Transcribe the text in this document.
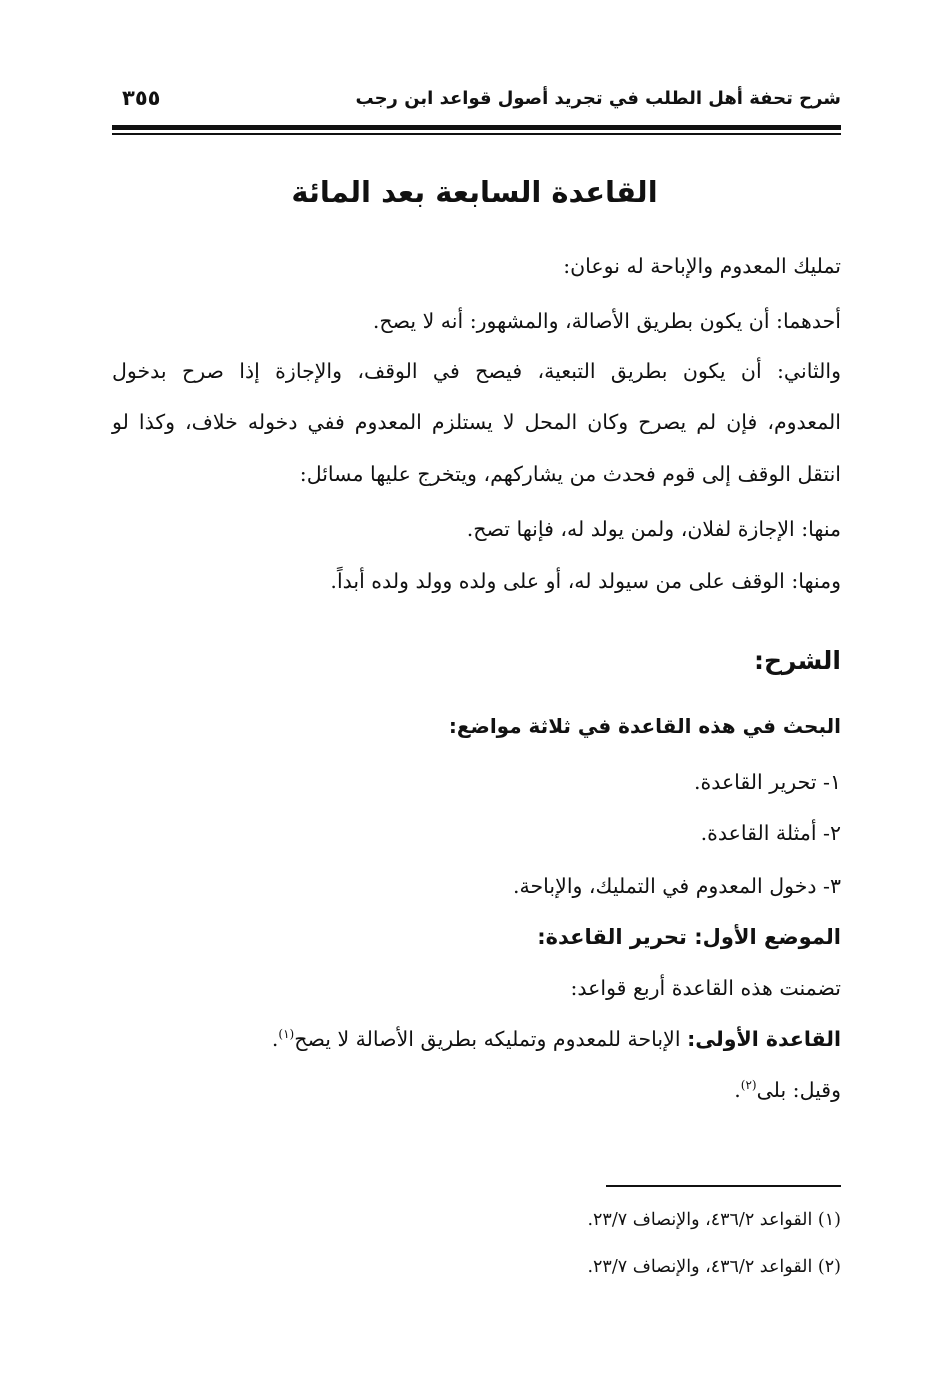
شرح تحفة أهل الطلب في تجريد أصول قواعد ابن رجب
٣٥٥
القاعدة السابعة بعد المائة
تمليك المعدوم والإباحة له نوعان:
أحدهما: أن يكون بطريق الأصالة، والمشهور: أنه لا يصح.
والثاني: أن يكون بطريق التبعية، فيصح في الوقف، والإجازة إذا صرح بدخول
المعدوم، فإن لم يصرح وكان المحل لا يستلزم المعدوم ففي دخوله خلاف، وكذا لو
انتقل الوقف إلى قوم فحدث من يشاركهم، ويتخرج عليها مسائل:
منها: الإجازة لفلان، ولمن يولد له، فإنها تصح.
ومنها: الوقف على من سيولد له، أو على ولده وولد ولده أبداً.
الشرح:
البحث في هذه القاعدة في ثلاثة مواضع:
١- تحرير القاعدة.
٢- أمثلة القاعدة.
٣- دخول المعدوم في التمليك، والإباحة.
الموضع الأول: تحرير القاعدة:
تضمنت هذه القاعدة أربع قواعد:
القاعدة الأولى: الإباحة للمعدوم وتمليكه بطريق الأصالة لا يصح$^{(١)}$.
وقيل: بلى$^{(٢)}$.
(١) القواعد ٤٣٦/٢، والإنصاف ٢٣/٧.
(٢) القواعد ٤٣٦/٢، والإنصاف ٢٣/٧.
